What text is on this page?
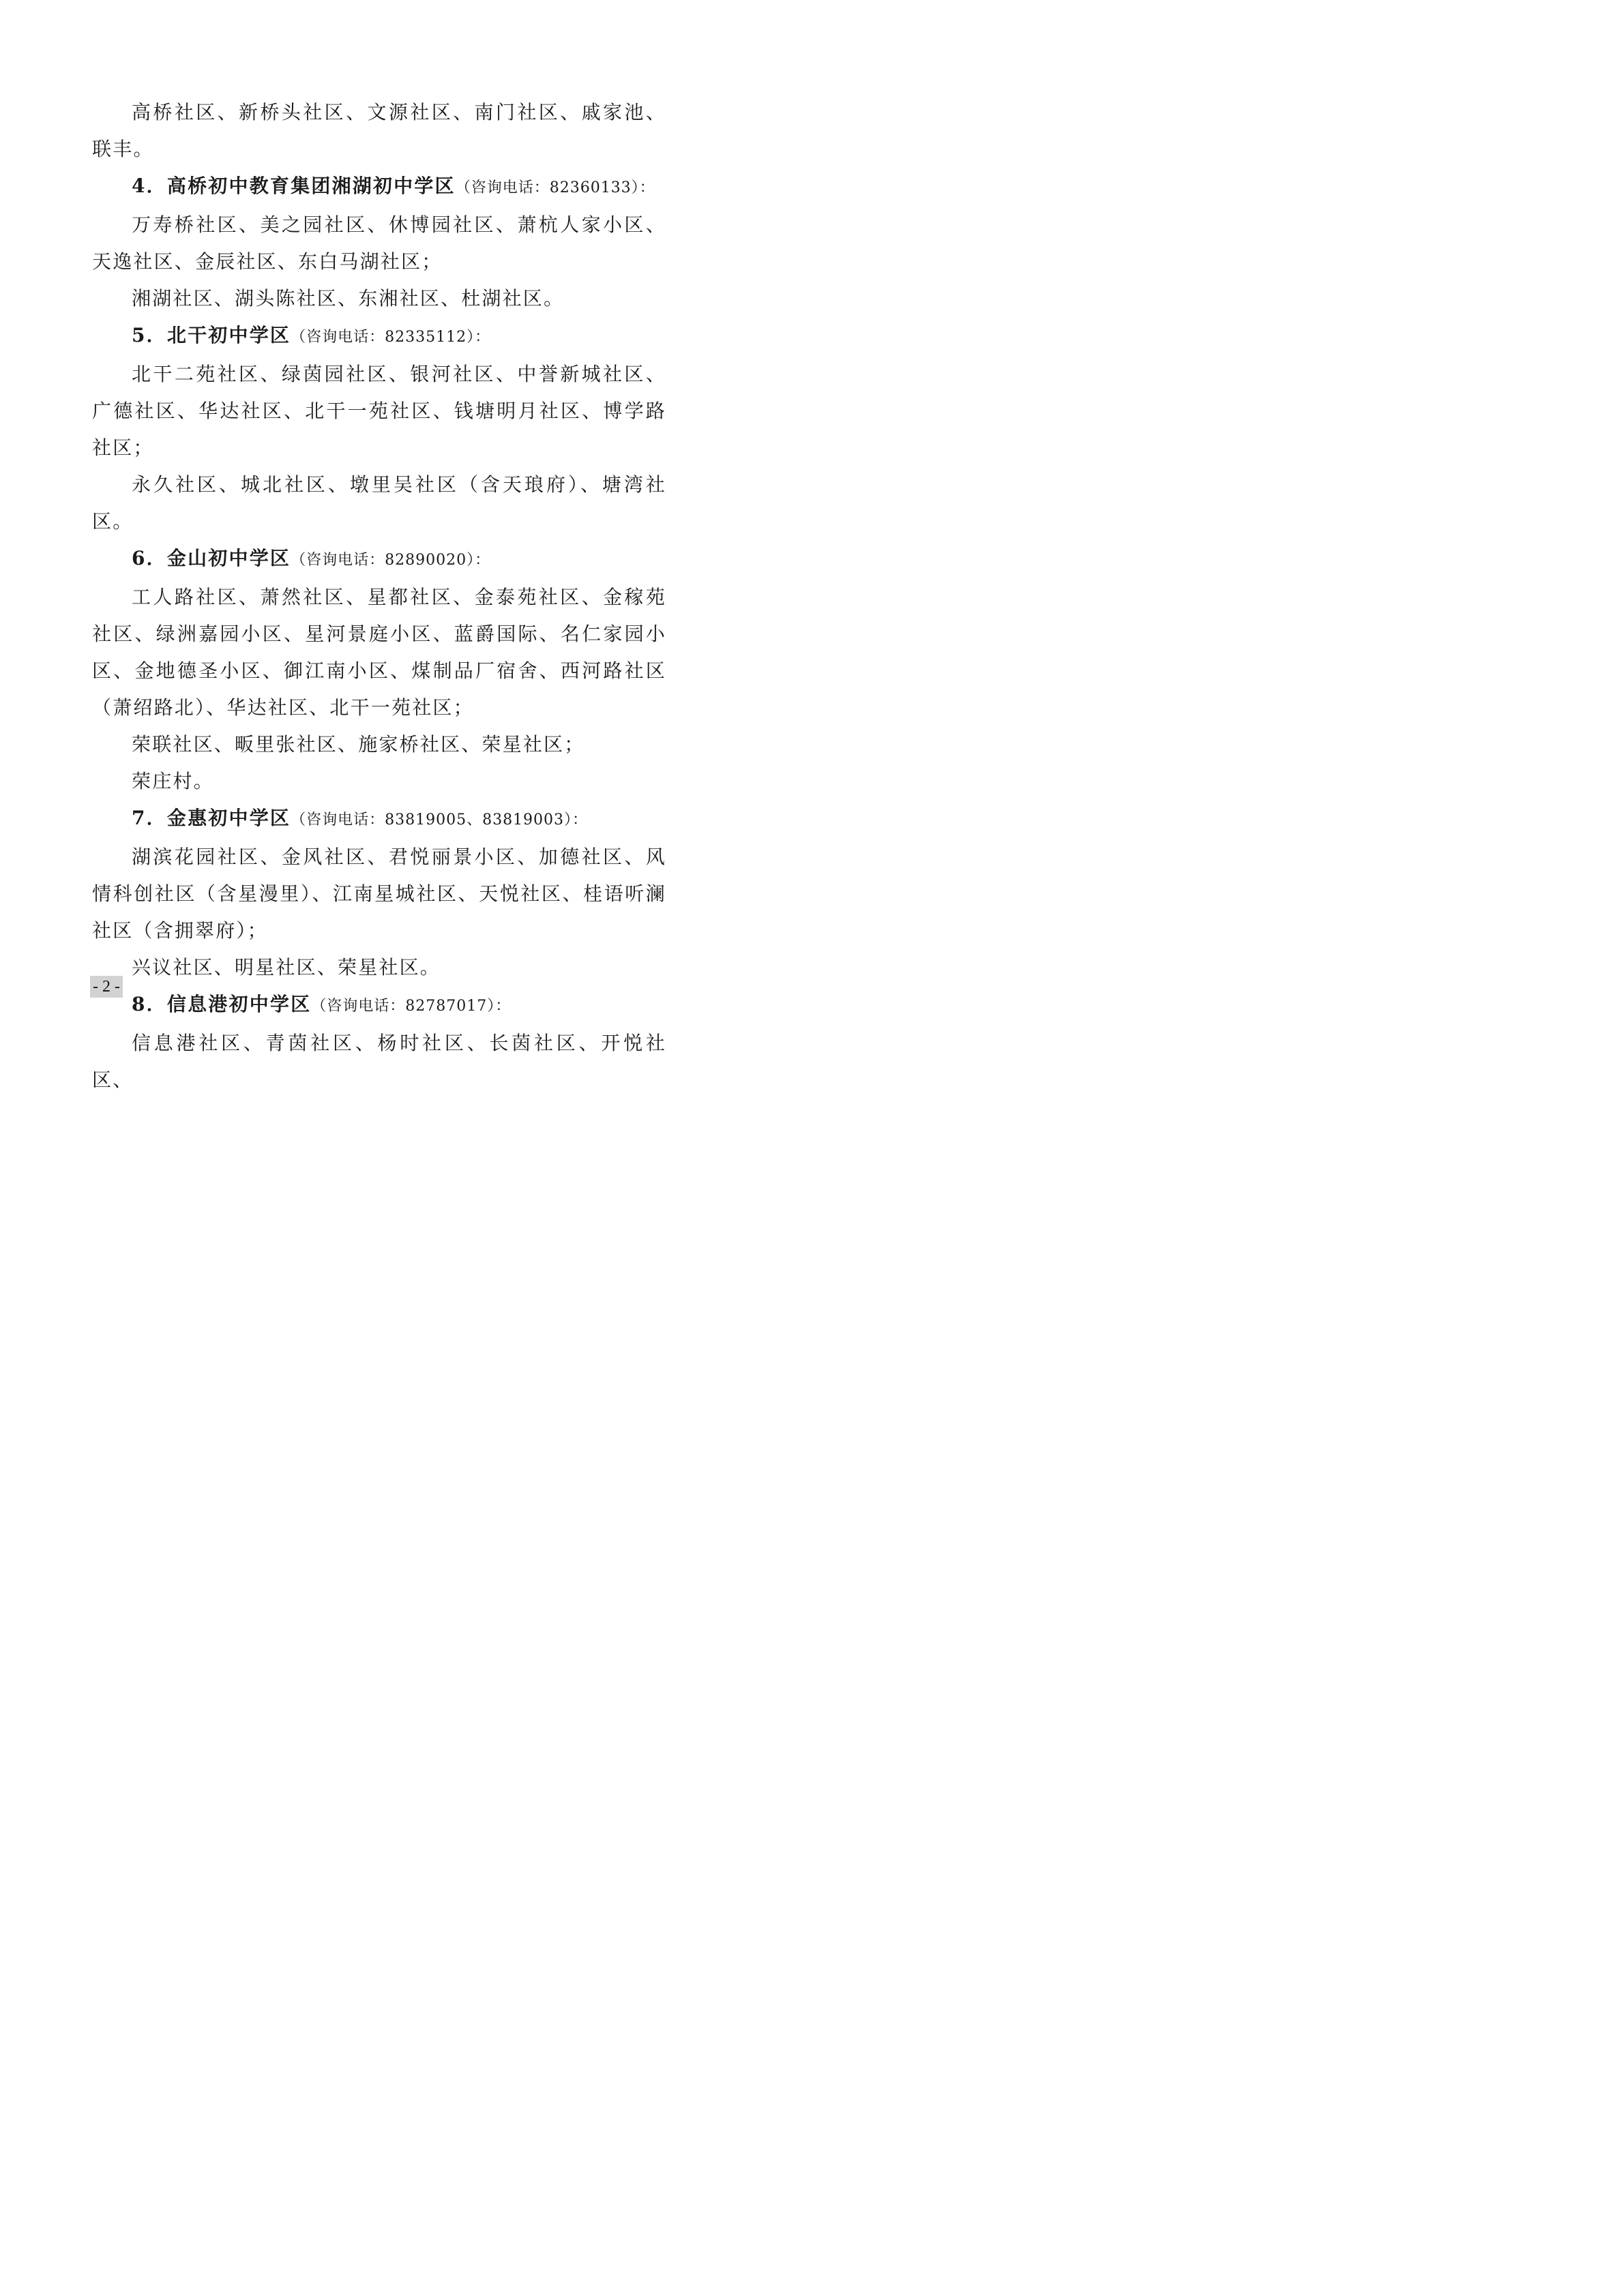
高桥社区、新桥头社区、文源社区、南门社区、戚家池、联丰。

4．高桥初中教育集团湘湖初中学区（咨询电话：82360133）：

万寿桥社区、美之园社区、休博园社区、萧杭人家小区、天逸社区、金辰社区、东白马湖社区；

湘湖社区、湖头陈社区、东湘社区、杜湖社区。

5．北干初中学区（咨询电话：82335112）：

北干二苑社区、绿茵园社区、银河社区、中誉新城社区、广德社区、华达社区、北干一苑社区、钱塘明月社区、博学路社区；

永久社区、城北社区、墩里吴社区（含天琅府）、塘湾社区。

6．金山初中学区（咨询电话：82890020）：

工人路社区、萧然社区、星都社区、金泰苑社区、金稼苑社区、绿洲嘉园小区、星河景庭小区、蓝爵国际、名仁家园小区、金地德圣小区、御江南小区、煤制品厂宿舍、西河路社区（萧绍路北）、华达社区、北干一苑社区；

荣联社区、畈里张社区、施家桥社区、荣星社区；

荣庄村。

7．金惠初中学区（咨询电话：83819005、83819003）：

湖滨花园社区、金风社区、君悦丽景小区、加德社区、风情科创社区（含星漫里）、江南星城社区、天悦社区、桂语听澜社区（含拥翠府）；

兴议社区、明星社区、荣星社区。

8．信息港初中学区（咨询电话：82787017）：

信息港社区、青茵社区、杨时社区、长茵社区、开悦社区、

- 2 -
